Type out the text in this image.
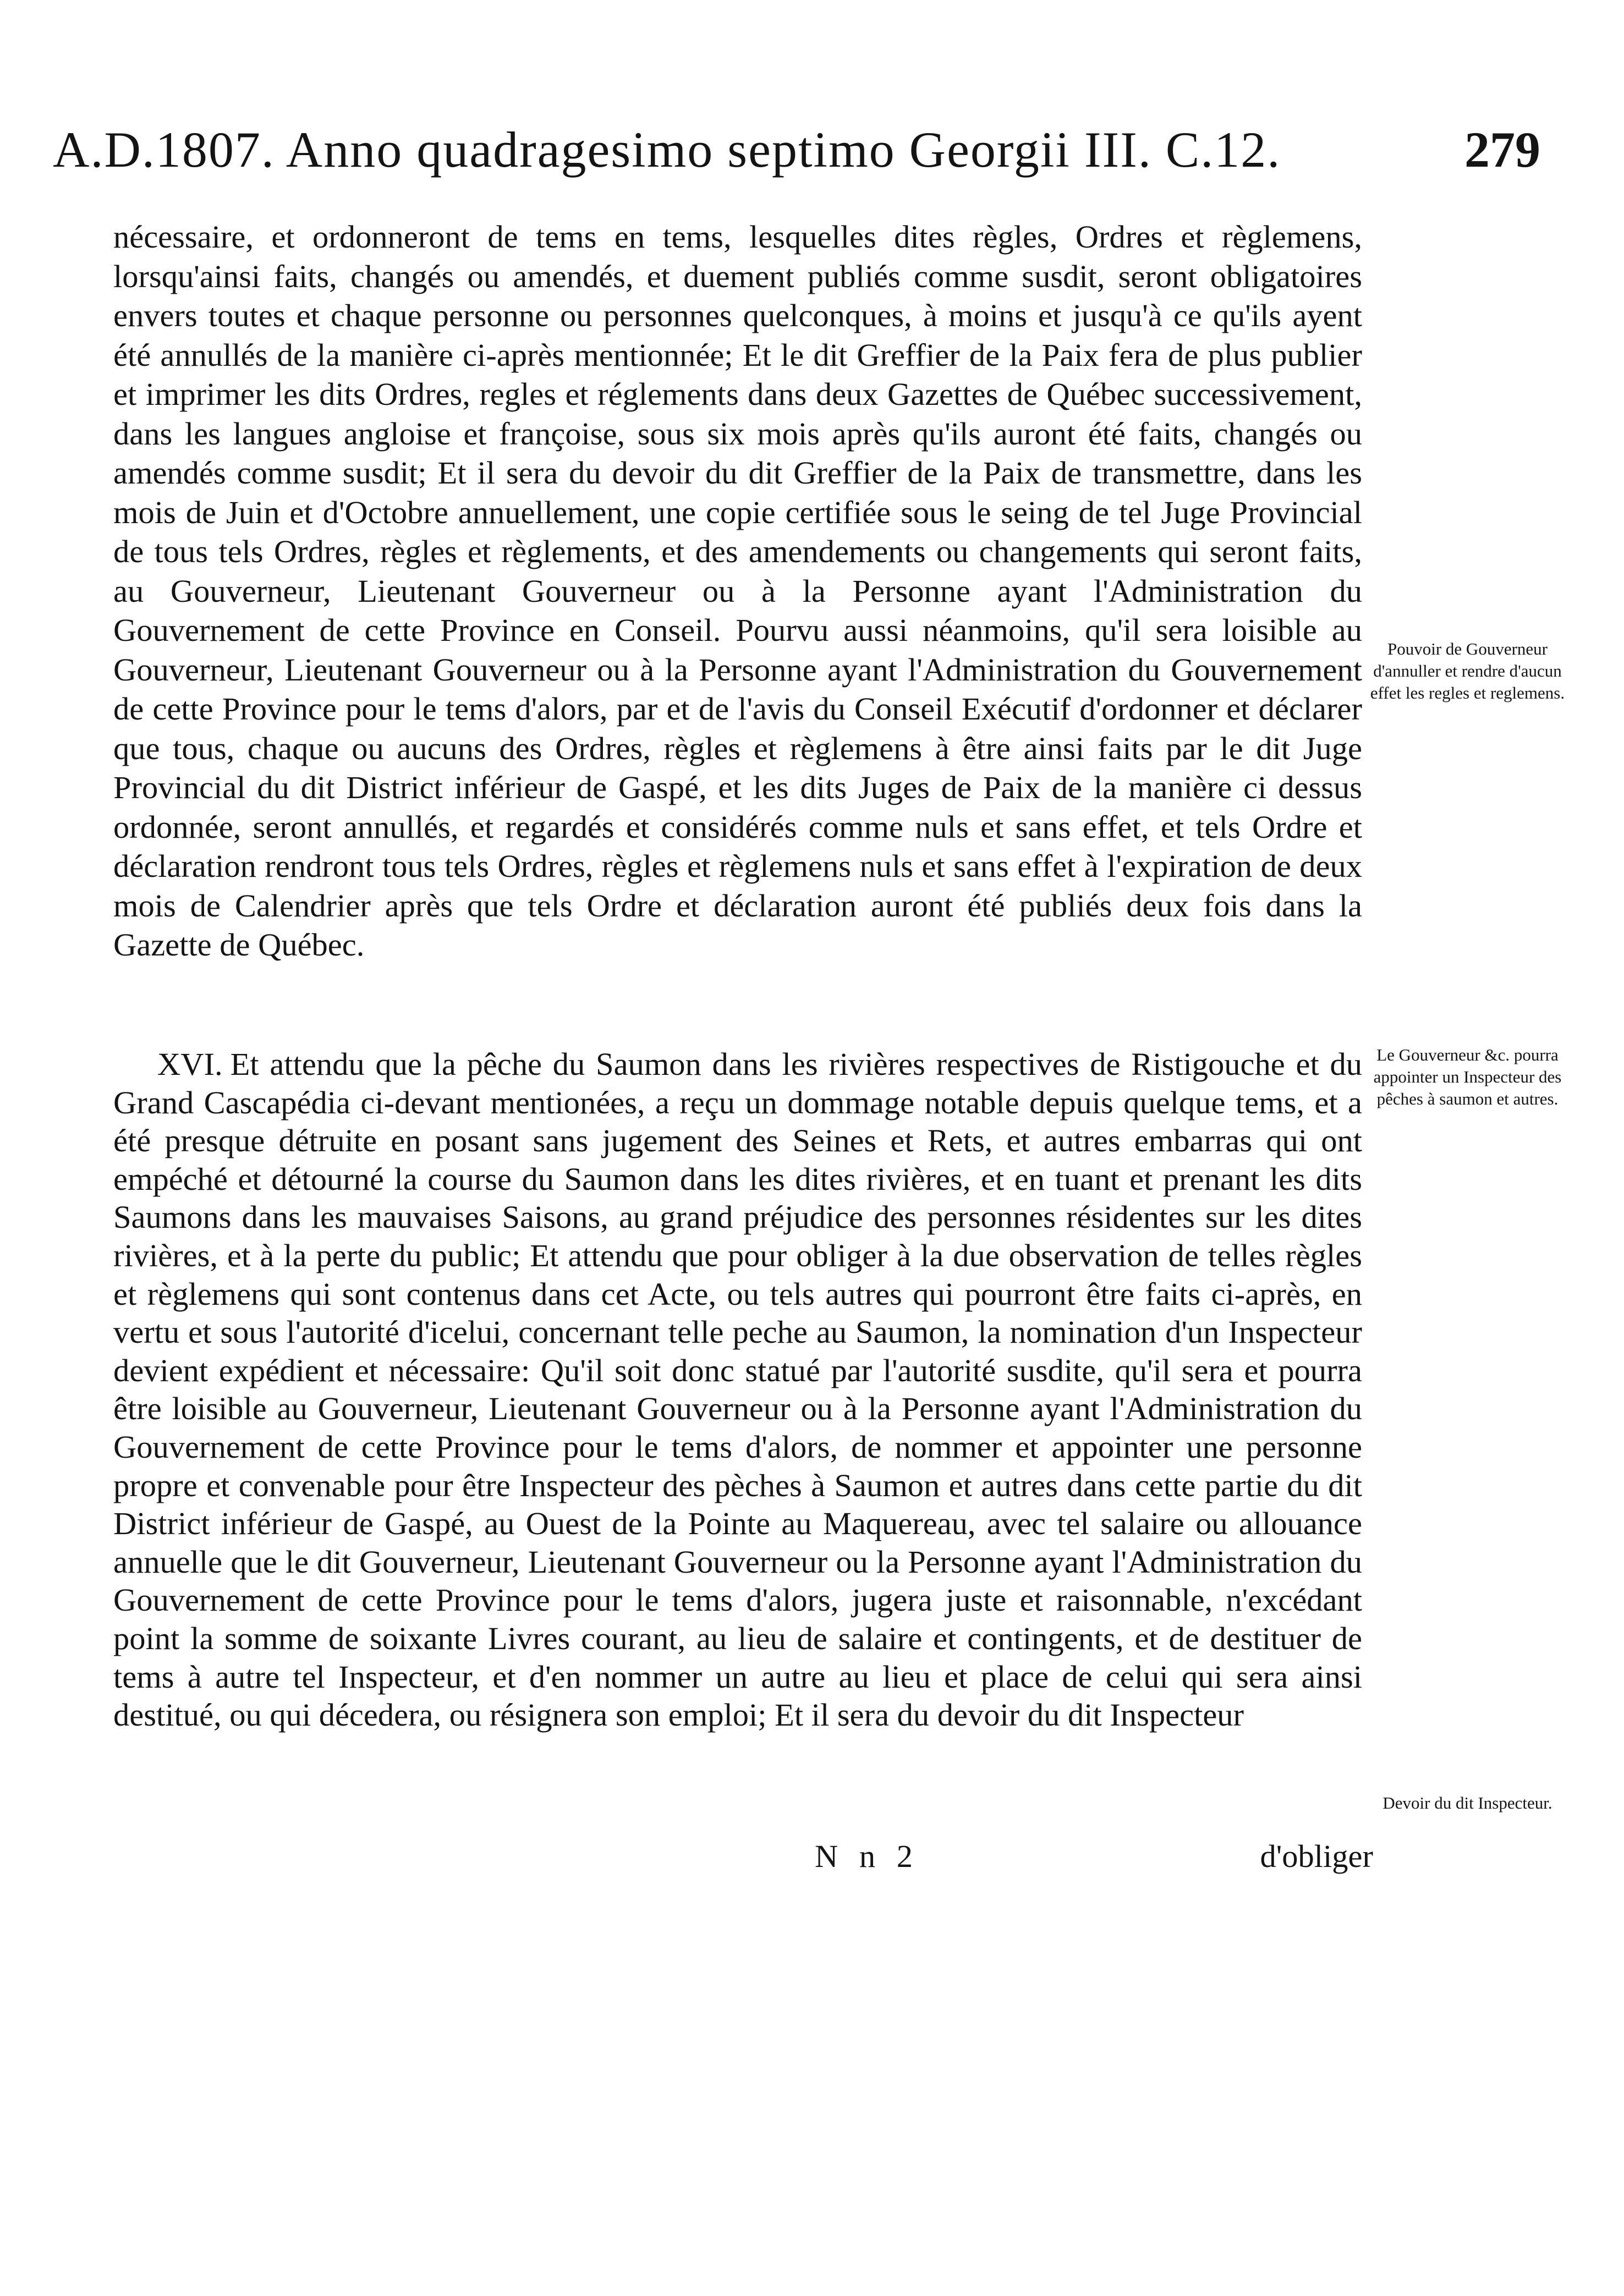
A.D.1807. Anno quadragesimo septimo Georgii III. C.12.	279

nécessaire, et ordonneront de tems en tems, lesquelles dites règles, Ordres et règlemens, lorsqu'ainsi faits, changés ou amendés, et duement publiés comme susdit, seront obligatoires envers toutes et chaque personne ou personnes quelconques, à moins et jusqu'à ce qu'ils ayent été annullés de la manière ci-après mentionnée; Et le dit Greffier de la Paix fera de plus publier et imprimer les dits Ordres, regles et réglements dans deux Gazettes de Québec successivement, dans les langues angloise et françoise, sous six mois après qu'ils auront été faits, changés ou amendés comme susdit; Et il sera du devoir du dit Greffier de la Paix de transmettre, dans les mois de Juin et d'Octobre annuellement, une copie certifiée sous le seing de tel Juge Provincial de tous tels Ordres, règles et règlements, et des amendements ou changements qui seront faits, au Gouverneur, Lieutenant Gouverneur ou à la Personne ayant l'Administration du Gouvernement de cette Province en Conseil. Pourvu aussi néanmoins, qu'il sera loisible au Gouverneur, Lieutenant Gouverneur ou à la Personne ayant l'Administration du Gouvernement de cette Province pour le tems d'alors, par et de l'avis du Conseil Exécutif d'ordonner et déclarer que tous, chaque ou aucuns des Ordres, règles et règlemens à être ainsi faits par le dit Juge Provincial du dit District inférieur de Gaspé, et les dits Juges de Paix de la manière ci dessus ordonnée, seront annullés, et regardés et considérés comme nuls et sans effet, et tels Ordre et déclaration rendront tous tels Ordres, règles et règlemens nuls et sans effet à l'expiration de deux mois de Calendrier après que tels Ordre et déclaration auront été publiés deux fois dans la Gazette de Québec.

Pouvoir de Gouverneur d'annuller et rendre d'aucun effet les regles et reglemens.

XVI. Et attendu que la pêche du Saumon dans les rivières respectives de Ristigouche et du Grand Cascapédia ci-devant mentionées, a reçu un dommage notable depuis quelque tems, et a été presque détruite en posant sans jugement des Seines et Rets, et autres embarras qui ont empéché et détourné la course du Saumon dans les dites rivières, et en tuant et prenant les dits Saumons dans les mauvaises Saisons, au grand préjudice des personnes résidentes sur les dites rivières, et à la perte du public; Et attendu que pour obliger à la due observation de telles règles et règlemens qui sont contenus dans cet Acte, ou tels autres qui pourront être faits ci-après, en vertu et sous l'autorité d'icelui, concernant telle peche au Saumon, la nomination d'un Inspecteur devient expédient et nécessaire: Qu'il soit donc statué par l'autorité susdite, qu'il sera et pourra être loisible au Gouverneur, Lieutenant Gouverneur ou à la Personne ayant l'Administration du Gouvernement de cette Province pour le tems d'alors, de nommer et appointer une personne propre et convenable pour être Inspecteur des pèches à Saumon et autres dans cette partie du dit District inférieur de Gaspé, au Ouest de la Pointe au Maquereau, avec tel salaire ou allouance annuelle que le dit Gouverneur, Lieutenant Gouverneur ou la Personne ayant l'Administration du Gouvernement de cette Province pour le tems d'alors, jugera juste et raisonnable, n'excédant point la somme de soixante Livres courant, au lieu de salaire et contingents, et de destituer de tems à autre tel Inspecteur, et d'en nommer un autre au lieu et place de celui qui sera ainsi destitué, ou qui décedera, ou résignera son emploi; Et il sera du devoir du dit Inspecteur

Le Gouverneur &c. pourra appointer un Inspecteur des pêches à saumon et autres.
Devoir du dit Inspecteur.
N n 2	d'obliger
